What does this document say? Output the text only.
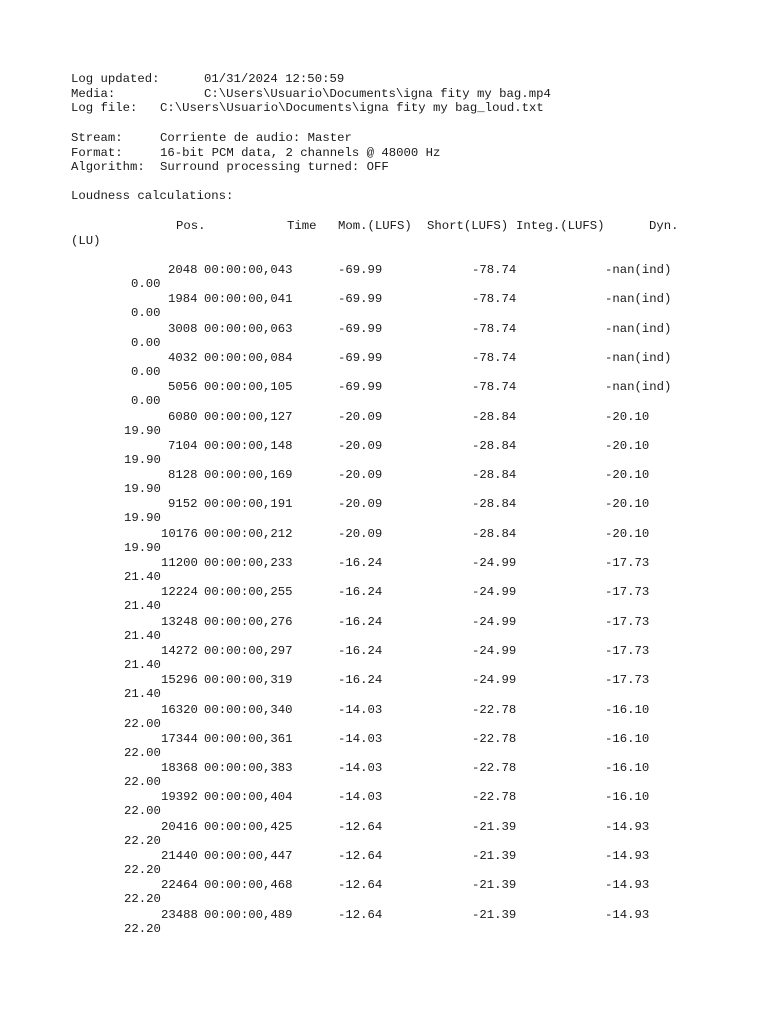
Log updated:	01/31/2024 12:50:59
Media:	C:\Users\Usuario\Documents\igna fity my bag.mp4
Log file: C:\Users\Usuario\Documents\igna fity my bag_loud.txt
Stream:	Corriente de audio: Master
Format:	16-bit PCM data, 2 channels @ 48000 Hz
Algorithm: Surround processing turned: OFF
Loudness calculations:
Pos.	Time Mom.(LUFS) Short(LUFS) Integ.(LUFS)	Dyn.
(LU)
2048 00:00:00,043	-69.99	-78.74	-nan(ind)
0.00
1984 00:00:00,041	-69.99	-78.74	-nan(ind)
0.00
3008 00:00:00,063	-69.99	-78.74	-nan(ind)
0.00
4032 00:00:00,084	-69.99	-78.74	-nan(ind)
0.00
5056 00:00:00,105	-69.99	-78.74	-nan(ind)
0.00
6080 00:00:00,127	-20.09	-28.84	-20.10
19.90
7104 00:00:00,148	-20.09	-28.84	-20.10
19.90
8128 00:00:00,169	-20.09	-28.84	-20.10
19.90
9152 00:00:00,191	-20.09	-28.84	-20.10
19.90
10176 00:00:00,212	-20.09	-28.84	-20.10
19.90
11200 00:00:00,233	-16.24	-24.99	-17.73
21.40
12224 00:00:00,255	-16.24	-24.99	-17.73
21.40
13248 00:00:00,276	-16.24	-24.99	-17.73
21.40
14272 00:00:00,297	-16.24	-24.99	-17.73
21.40
15296 00:00:00,319	-16.24	-24.99	-17.73
21.40
16320 00:00:00,340	-14.03	-22.78	-16.10
22.00
17344 00:00:00,361	-14.03	-22.78	-16.10
22.00
18368 00:00:00,383	-14.03	-22.78	-16.10
22.00
19392 00:00:00,404	-14.03	-22.78	-16.10
22.00
20416 00:00:00,425	-12.64	-21.39	-14.93
22.20
21440 00:00:00,447	-12.64	-21.39	-14.93
22.20
22464 00:00:00,468	-12.64	-21.39	-14.93
22.20
23488 00:00:00,489	-12.64	-21.39	-14.93
22.20
